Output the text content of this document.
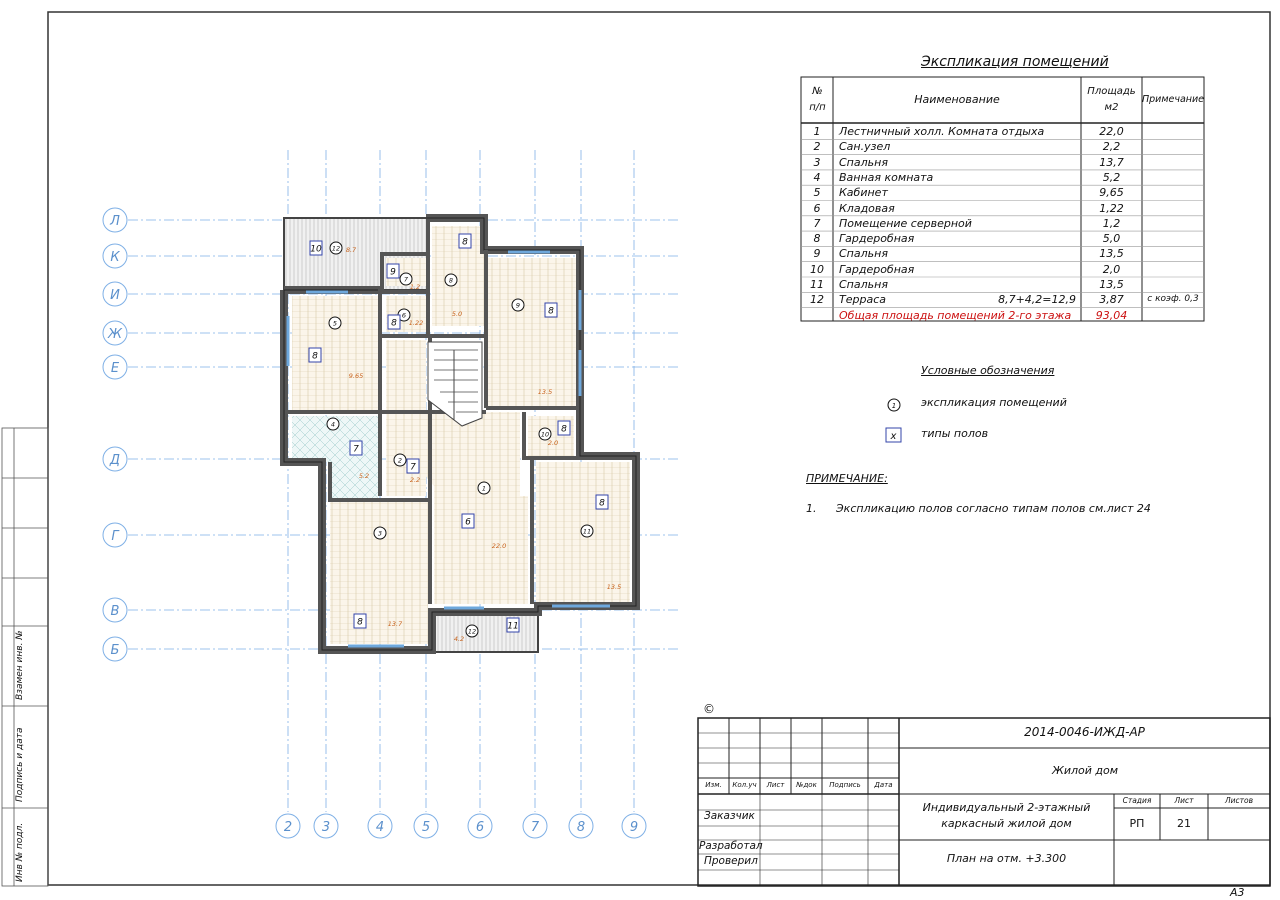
Взамен инв. №
Подпись и дата
Инв № подл.
Л
К
И
Ж
Е
Д
Г
В
Б
2 3	4	5	6	7	8	9
1
6
22.0
2
7
2.2
3
8	13.7
4
7
5.2
5
8
9.65
6
8 1.22
7
9
1.2
8
8
5.0
9
8
13.5
10 8
2.0
11
8
13.5
12	11
4.2
12
10	8.7
1
x
Экспликация помещений
№
п/п
Наименование
Площадь
м2
Примечание
1	Лестничный холл. Комната отдыха	22,0
2	Сан.узел	2,2
3	Спальня	13,7
4	Ванная комната	5,2
5	Кабинет	9,65
6	Кладовая	1,22
7	Помещение серверной	1,2
8	Гардеробная	5,0
9	Спальня	13,5
10	Гардеробная	2,0
11	Спальня	13,5
12	Терраса	8,7+4,2=12,9	3,87	с коэф. 0,3
Общая площадь помещений 2-го этажа	93,04
Условные обозначения
экспликация помещений
типы полов
ПРИМЕЧАНИЕ:
1. Экспликацию полов согласно типам полов см.лист 24
©
2014-0046-ИЖД-АР
Жилой дом
Индивидуальный 2-этажный
каркасный жилой дом
План на отм. +3.300
Стадия	Лист	Листов
РП	21
Изм.	Кол.уч	Лист	№док	Подпись	Дата
Заказчик
Разработал
Проверил
А3
